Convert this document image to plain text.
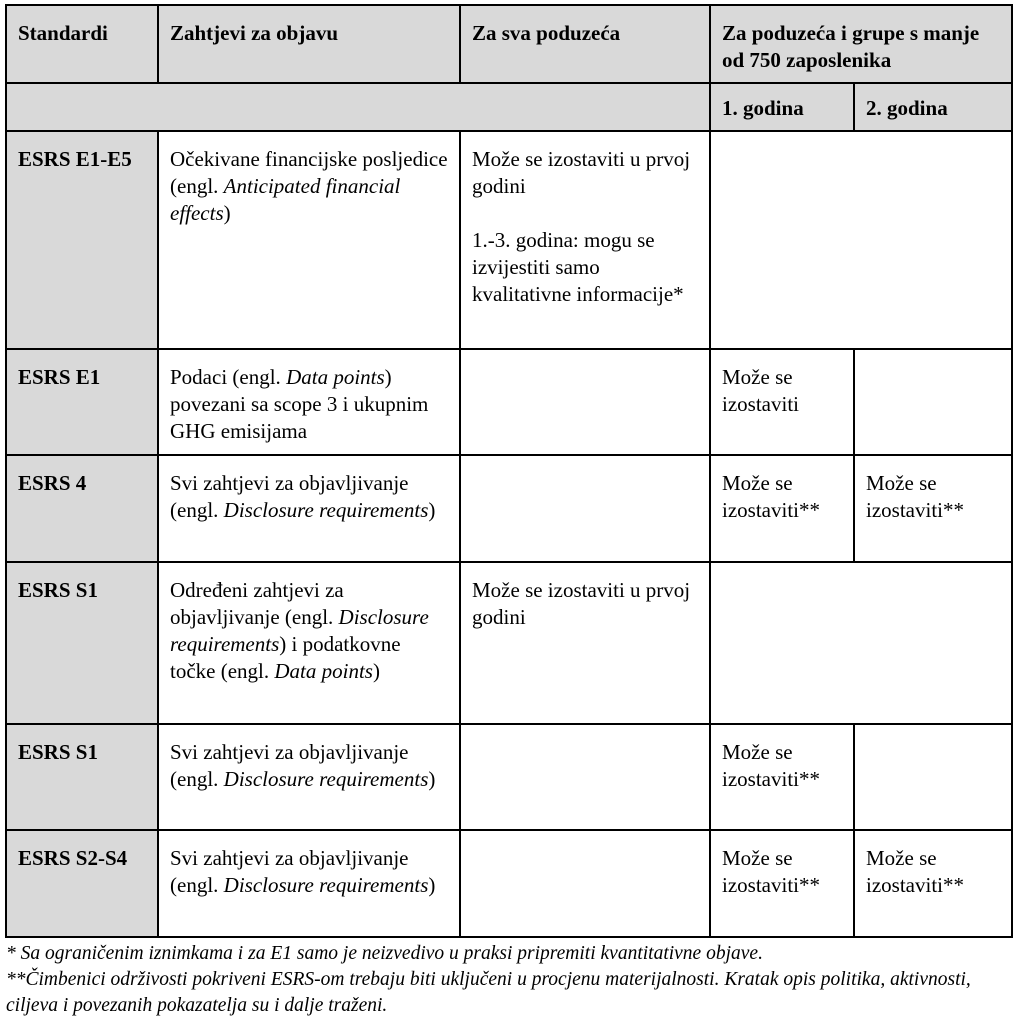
Standardi	Zahtjevi za objavu	Za sva poduzeća	Za poduzeća i grupe s manje od 750 zaposlenika	
			1. godina	2. godina
ESRS E1-E5	Očekivane financijske posljedice (engl. Anticipated financial effects)	Može se izostaviti u prvoj godini

1.-3. godina: mogu se izvijestiti samo kvalitativne informacije*		

ESRS E1	Podaci (engl. Data points) povezani sa scope 3 i ukupnim GHG emisijama		Može se izostaviti	
ESRS 4	Svi zahtjevi za objavljivanje (engl. Disclosure requirements)		Može se izostaviti**	Može se izostaviti**
ESRS S1	Određeni zahtjevi za objavljivanje (engl. Disclosure requirements) i podatkovne točke (engl. Data points)	Može se izostaviti u prvoj godini		
ESRS S1	Svi zahtjevi za objavljivanje (engl. Disclosure requirements)		Može se izostaviti**	
ESRS S2-S4	Svi zahtjevi za objavljivanje (engl. Disclosure requirements)		Može se izostaviti**	Može se izostaviti**

* Sa ograničenim iznimkama i za E1 samo je neizvedivo u praksi pripremiti kvantitativne objave.

**Čimbenici održivosti pokriveni ESRS-om trebaju biti uključeni u procjenu materijalnosti. Kratak opis politika, aktivnosti, ciljeva i povezanih pokazatelja su i dalje traženi.
